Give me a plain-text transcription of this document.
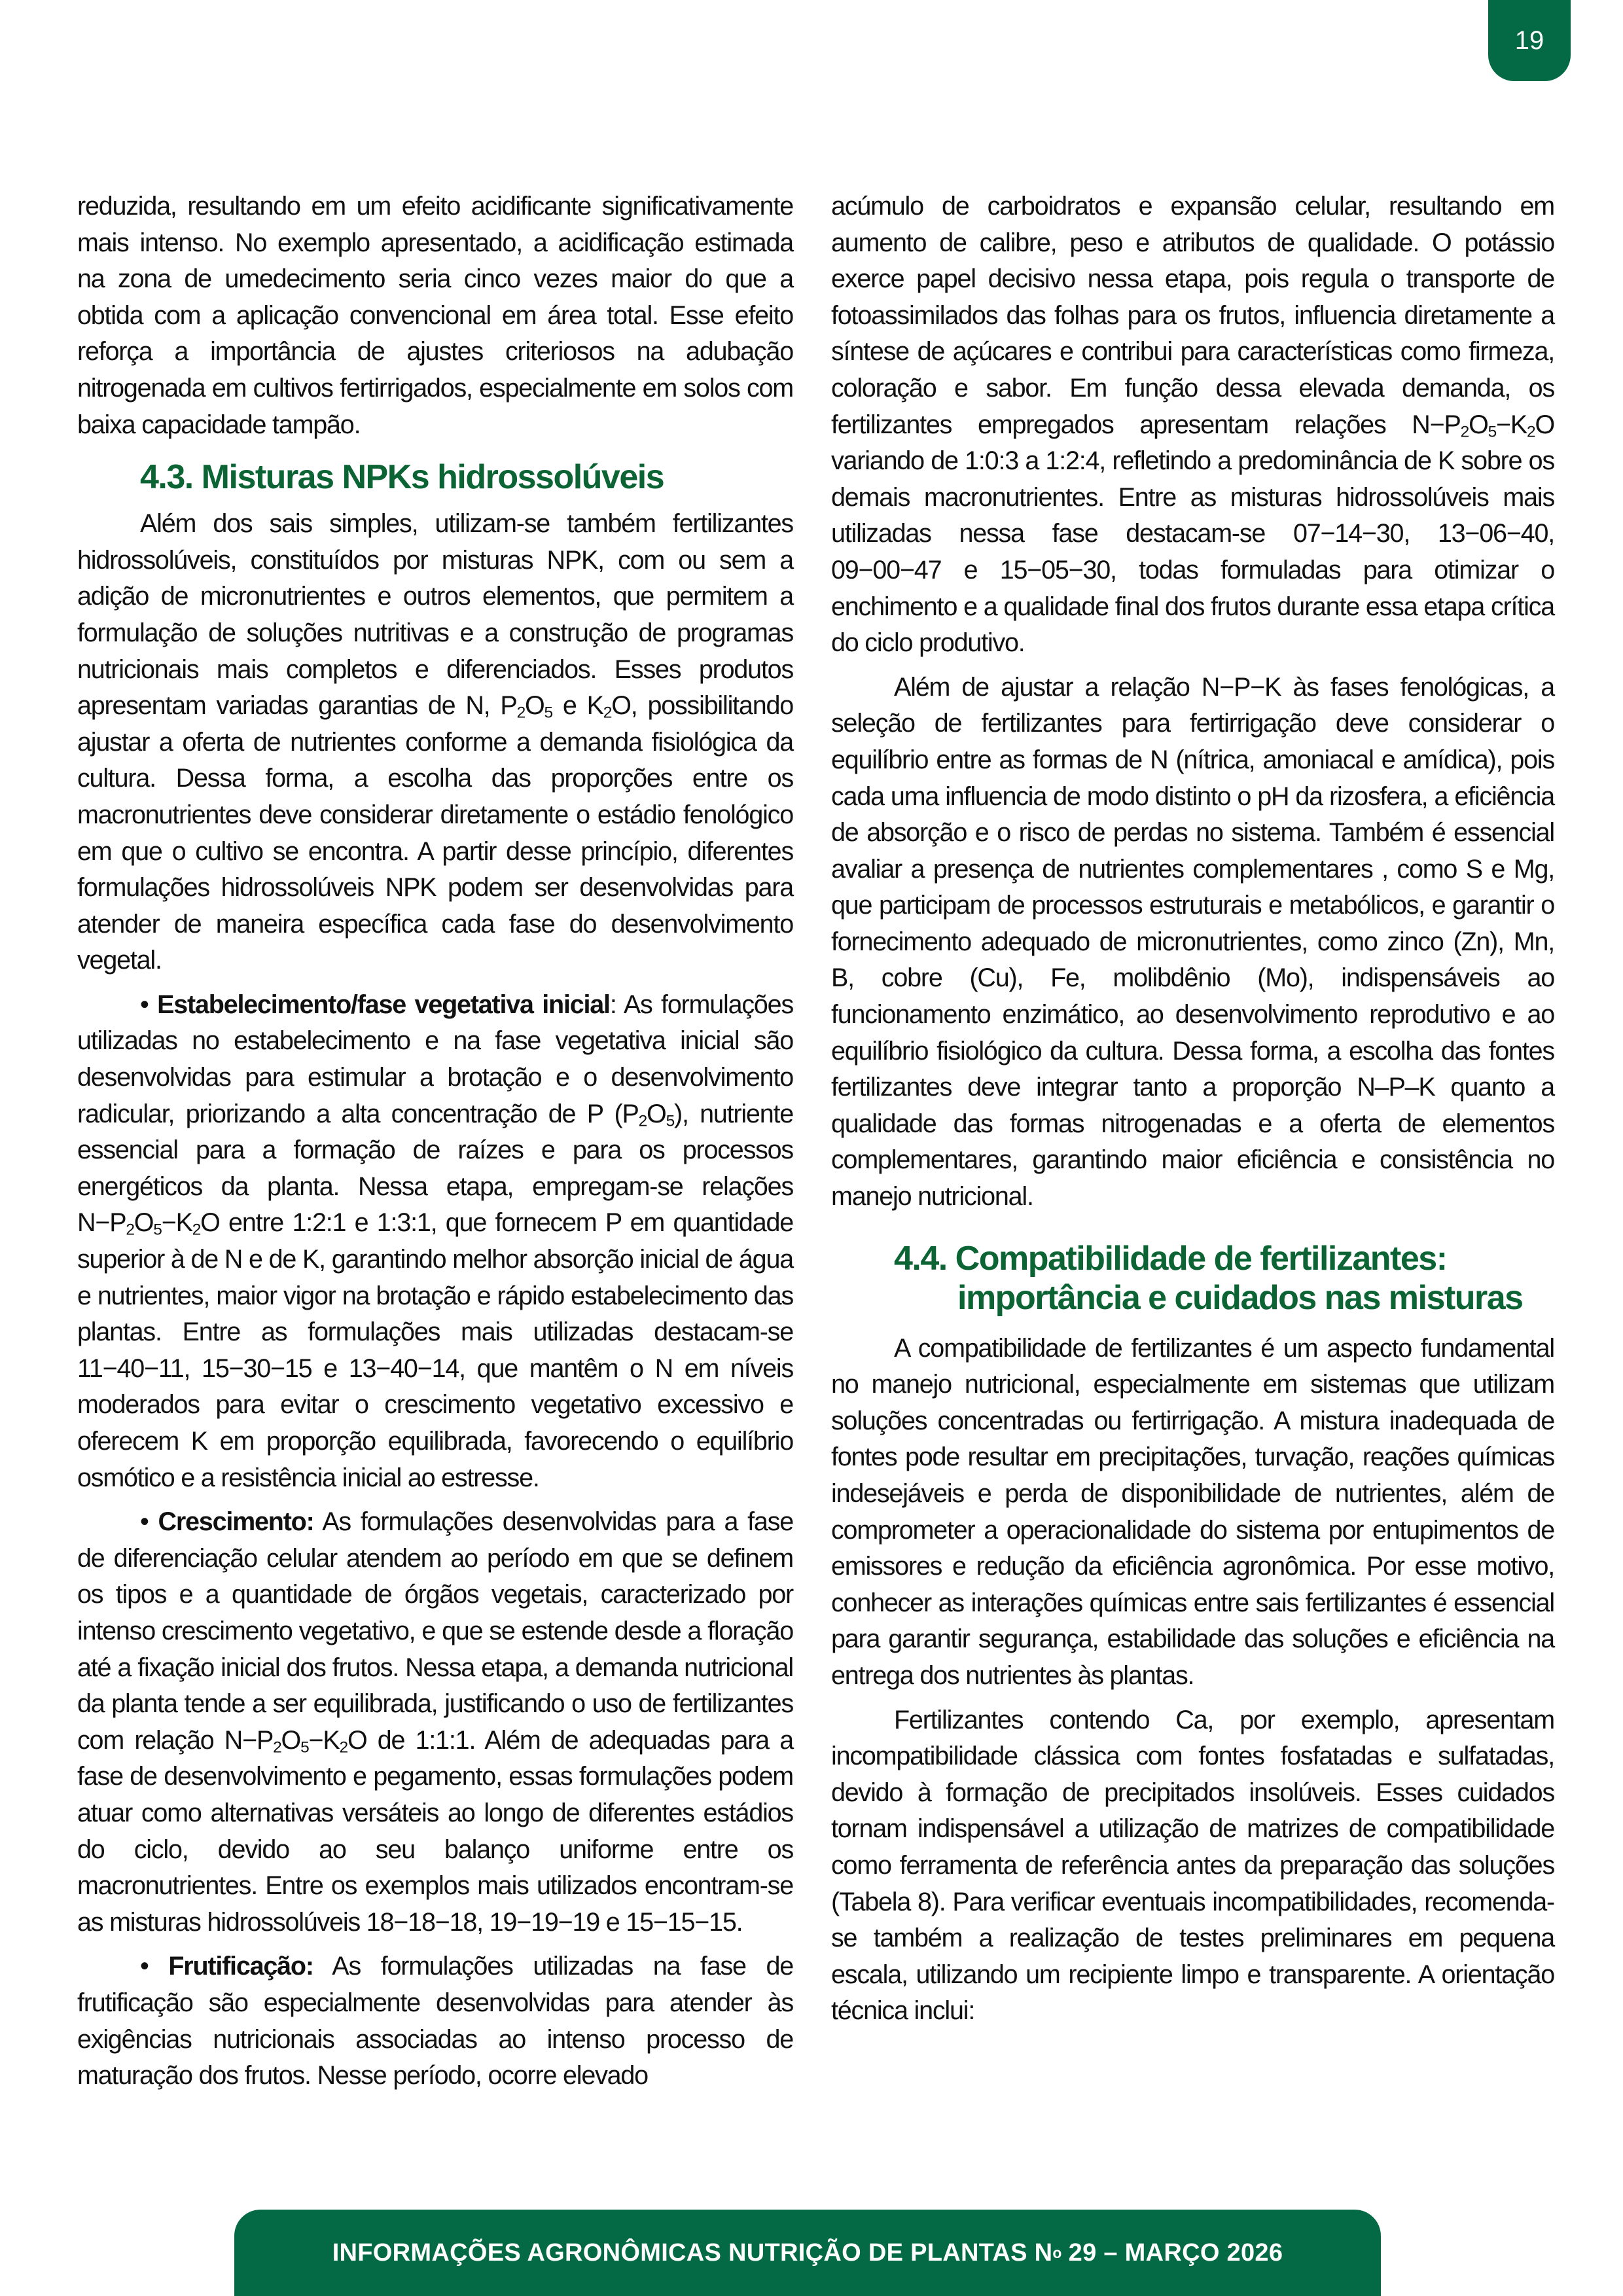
19

reduzida, resultando em um efeito acidificante significativamente mais intenso. No exemplo apresentado, a acidificação estimada na zona de umedecimento seria cinco vezes maior do que a obtida com a aplicação convencional em área total. Esse efeito reforça a importância de ajustes criteriosos na adubação nitrogenada em cultivos fertirrigados, especialmente em solos com baixa capacidade tampão.

4.3. Misturas NPKs hidrossolúveis

Além dos sais simples, utilizam-se também fertilizantes hidrossolúveis, constituídos por misturas NPK, com ou sem a adição de micronutrientes e outros elementos, que permitem a formulação de soluções nutritivas e a construção de programas nutricionais mais completos e diferenciados. Esses produtos apresentam variadas garantias de N, $P_2O_5$ e $K_2O$, possibilitando ajustar a oferta de nutrientes conforme a demanda fisiológica da cultura. Dessa forma, a escolha das proporções entre os macronutrientes deve considerar diretamente o estádio fenológico em que o cultivo se encontra. A partir desse princípio, diferentes formulações hidrossolúveis NPK podem ser desenvolvidas para atender de maneira específica cada fase do desenvolvimento vegetal.

• Estabelecimento/fase vegetativa inicial: As formulações utilizadas no estabelecimento e na fase vegetativa inicial são desenvolvidas para estimular a brotação e o desenvolvimento radicular, priorizando a alta concentração de P $(P_2O_5)$, nutriente essencial para a formação de raízes e para os processos energéticos da planta. Nessa etapa, empregam-se relações $N-P_2O_5-K_2O$ entre 1:2:1 e 1:3:1, que fornecem P em quantidade superior à de N e de K, garantindo melhor absorção inicial de água e nutrientes, maior vigor na brotação e rápido estabelecimento das plantas. Entre as formulações mais utilizadas destacam-se 11−40−11, 15−30−15 e 13−40−14, que mantêm o N em níveis moderados para evitar o crescimento vegetativo excessivo e oferecem K em proporção equilibrada, favorecendo o equilíbrio osmótico e a resistência inicial ao estresse.

• Crescimento: As formulações desenvolvidas para a fase de diferenciação celular atendem ao período em que se definem os tipos e a quantidade de órgãos vegetais, caracterizado por intenso crescimento vegetativo, e que se estende desde a floração até a fixação inicial dos frutos. Nessa etapa, a demanda nutricional da planta tende a ser equilibrada, justificando o uso de fertilizantes com relação $N-P_2O_5-K_2O$ de 1:1:1. Além de adequadas para a fase de desenvolvimento e pegamento, essas formulações podem atuar como alternativas versáteis ao longo de diferentes estádios do ciclo, devido ao seu balanço uniforme entre os macronutrientes. Entre os exemplos mais utilizados encontram-se as misturas hidrossolúveis 18−18−18, 19−19−19 e 15−15−15.

• Frutificação: As formulações utilizadas na fase de frutificação são especialmente desenvolvidas para atender às exigências nutricionais associadas ao intenso processo de maturação dos frutos. Nesse período, ocorre elevado

acúmulo de carboidratos e expansão celular, resultando em aumento de calibre, peso e atributos de qualidade. O potássio exerce papel decisivo nessa etapa, pois regula o transporte de fotoassimilados das folhas para os frutos, influencia diretamente a síntese de açúcares e contribui para características como firmeza, coloração e sabor. Em função dessa elevada demanda, os fertilizantes empregados apresentam relações $N-P_2O_5-K_2O$ variando de 1:0:3 a 1:2:4, refletindo a predominância de K sobre os demais macronutrientes. Entre as misturas hidrossolúveis mais utilizadas nessa fase destacam-se 07−14−30, 13−06−40, 09−00−47 e 15−05−30, todas formuladas para otimizar o enchimento e a qualidade final dos frutos durante essa etapa crítica do ciclo produtivo.

Além de ajustar a relação N−P−K às fases fenológicas, a seleção de fertilizantes para fertirrigação deve considerar o equilíbrio entre as formas de N (nítrica, amoniacal e amídica), pois cada uma influencia de modo distinto o pH da rizosfera, a eficiência de absorção e o risco de perdas no sistema. Também é essencial avaliar a presença de nutrientes complementares , como S e Mg, que participam de processos estruturais e metabólicos, e garantir o fornecimento adequado de micronutrientes, como zinco (Zn), Mn, B, cobre (Cu), Fe, molibdênio (Mo), indispensáveis ao funcionamento enzimático, ao desenvolvimento reprodutivo e ao equilíbrio fisiológico da cultura. Dessa forma, a escolha das fontes fertilizantes deve integrar tanto a proporção N–P–K quanto a qualidade das formas nitrogenadas e a oferta de elementos complementares, garantindo maior eficiência e consistência no manejo nutricional.

4.4. Compatibilidade de fertilizantes:
importância e cuidados nas misturas

A compatibilidade de fertilizantes é um aspecto fundamental no manejo nutricional, especialmente em sistemas que utilizam soluções concentradas ou fertirrigação. A mistura inadequada de fontes pode resultar em precipitações, turvação, reações químicas indesejáveis e perda de disponibilidade de nutrientes, além de comprometer a operacionalidade do sistema por entupimentos de emissores e redução da eficiência agronômica. Por esse motivo, conhecer as interações químicas entre sais fertilizantes é essencial para garantir segurança, estabilidade das soluções e eficiência na entrega dos nutrientes às plantas.

Fertilizantes contendo Ca, por exemplo, apresentam incompatibilidade clássica com fontes fosfatadas e sulfatadas, devido à formação de precipitados insolúveis. Esses cuidados tornam indispensável a utilização de matrizes de compatibilidade como ferramenta de referência antes da preparação das soluções (Tabela 8). Para verificar eventuais incompatibilidades, recomenda-se também a realização de testes preliminares em pequena escala, utilizando um recipiente limpo e transparente. A orientação técnica inclui:

INFORMAÇÕES AGRONÔMICAS NUTRIÇÃO DE PLANTAS N o 29 – MARÇO 2026
